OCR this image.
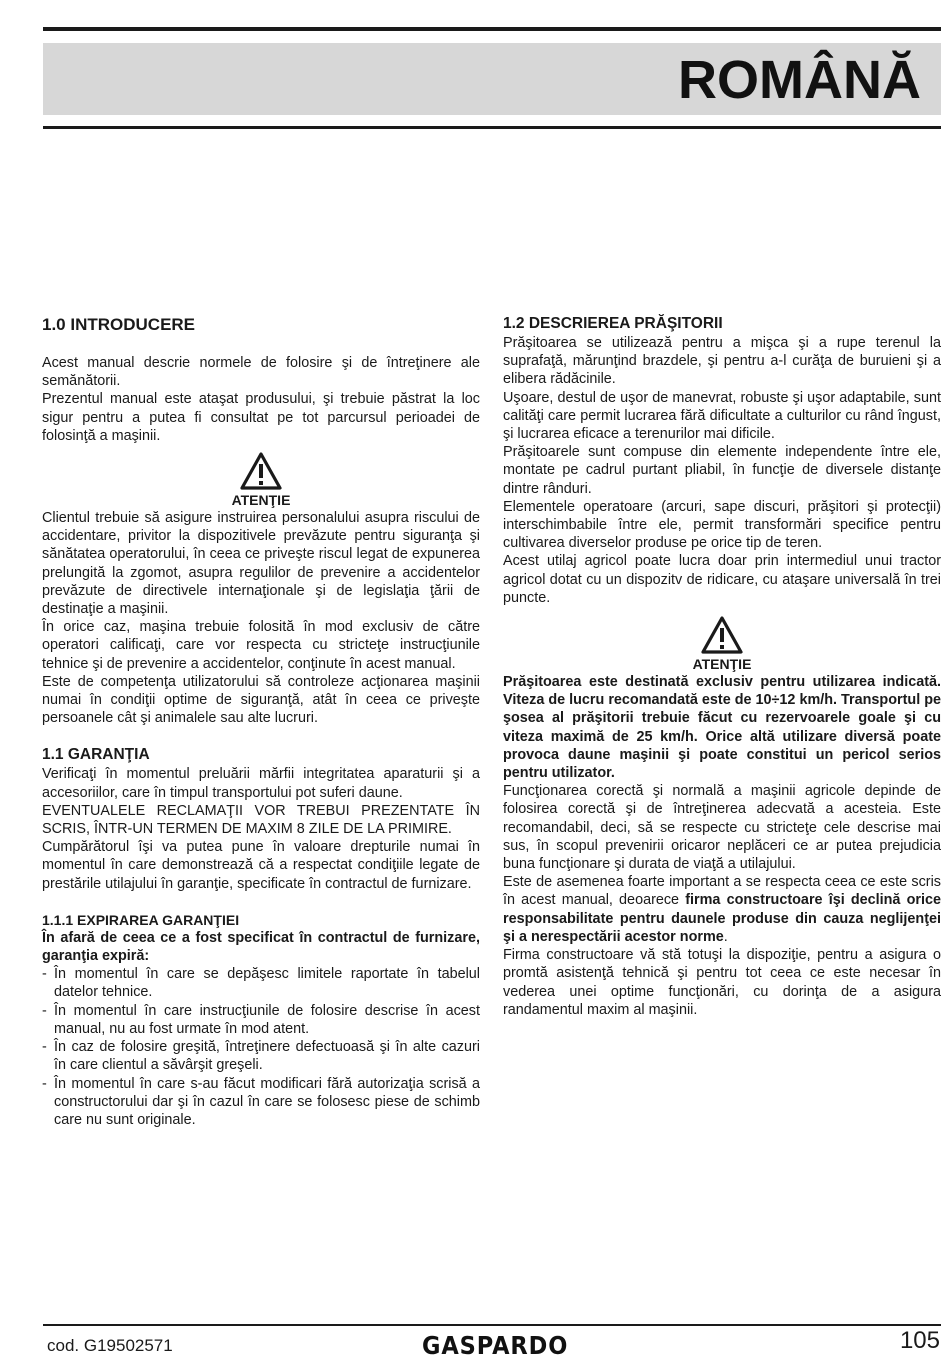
ROMÂNĂ
1.0 INTRODUCERE

Acest manual descrie normele de folosire şi de întreţinere ale semănătorii.

Prezentul manual este ataşat produsului, şi trebuie păstrat la loc sigur pentru a putea fi consultat pe tot parcursul perioadei de folosinţă a maşinii.

ATENŢIE

Clientul trebuie să asigure instruirea personalului asupra riscului de accidentare, privitor la dispozitivele prevăzute pentru siguranţa şi sănătatea operatorului, în ceea ce priveşte riscul legat de expunerea prelungită la zgomot, asupra regulilor de prevenire a accidentelor prevăzute de directivele internaţionale şi de legislaţia ţării de destinaţie a maşinii.

În orice caz, maşina trebuie folosită în mod exclusiv de către operatori calificaţi, care vor respecta cu stricteţe instrucţiunile tehnice şi de prevenire a accidentelor, conţinute în acest manual.

Este de competenţa utilizatorului să controleze acţionarea maşinii numai în condiţii optime de siguranţă, atât în ceea ce priveşte persoanele cât şi animalele sau alte lucruri.

1.1 GARANŢIA

Verificaţi în momentul preluării mărfii integritatea aparaturii şi a accesoriilor, care în timpul transportului pot suferi daune.

EVENTUALELE RECLAMAŢII VOR TREBUI PREZENTATE ÎN SCRIS, ÎNTR-UN TERMEN DE MAXIM 8 ZILE DE LA PRIMIRE.

Cumpărătorul îşi va putea pune în valoare drepturile numai în momentul în care demonstrează că a respectat condiţiile legate de prestările utilajului în garanţie, specificate în contractul de furnizare.

1.1.1 EXPIRAREA GARANŢIEI

În afară de ceea ce a fost specificat în contractul de furnizare, garanţia expiră:

- În momentul în care se depăşesc limitele raportate în tabelul datelor tehnice.
- În momentul în care instrucţiunile de folosire descrise în acest manual, nu au fost urmate în mod atent.
- În caz de folosire greşită, întreţinere defectuoasă şi în alte cazuri în care clientul a săvârşit greşeli.
- În momentul în care s-au făcut modificari fără autorizaţia scrisă a constructorului dar şi în cazul în care se folosesc piese de schimb care nu sunt originale.
1.2 DESCRIEREA PRĂŞITORII

Prăşitoarea se utilizează pentru a mişca şi a rupe terenul la suprafaţă, mărunţind brazdele, şi pentru a-l curăţa de buruieni şi a elibera rădăcinile.

Uşoare, destul de uşor de manevrat, robuste şi uşor adaptabile, sunt calităţi care permit lucrarea fără dificultate a culturilor cu rând îngust, şi lucrarea eficace a terenurilor mai dificile.

Prăşitoarele sunt compuse din elemente independente între ele, montate pe cadrul purtant pliabil, în funcţie de diversele distanţe dintre rânduri.

Elementele operatoare (arcuri, sape discuri, prăşitori şi protecţii) interschimbabile între ele, permit transformări specifice pentru cultivarea diverselor produse pe orice tip de teren.

Acest utilaj agricol poate lucra doar prin intermediul unui tractor agricol dotat cu un dispozitv de ridicare, cu ataşare universală în trei puncte.

ATENŢIE

Prăşitoarea este destinată exclusiv pentru utilizarea indicată. Viteza de lucru recomandată este de 10÷12 km/h. Transportul pe şosea al prăşitorii trebuie făcut cu rezervoarele goale şi cu viteza maximă de 25 km/h. Orice altă utilizare diversă poate provoca daune maşinii şi poate constitui un pericol serios pentru utilizator.

Funcţionarea corectă şi normală a maşinii agricole depinde de folosirea corectă şi de întreţinerea adecvată a acesteia. Este recomandabil, deci, să se respecte cu stricteţe cele descrise mai sus, în scopul prevenirii oricaror neplăceri ce ar putea prejudicia buna funcţionare şi durata de viaţă a utilajului.

Este de asemenea foarte important a se respecta ceea ce este scris în acest manual, deoarece firma constructoare îşi declină orice responsabilitate pentru daunele produse din cauza neglijenţei şi a nerespectării acestor norme.

Firma constructoare vă stă totuşi la dispoziţie, pentru a asigura o promtă asistenţă tehnică şi pentru tot ceea ce este necesar în vederea unei optime funcţionări, cu dorinţa de a asigura randamentul maxim al maşinii.

cod. G19502571	GASPARDO	105
